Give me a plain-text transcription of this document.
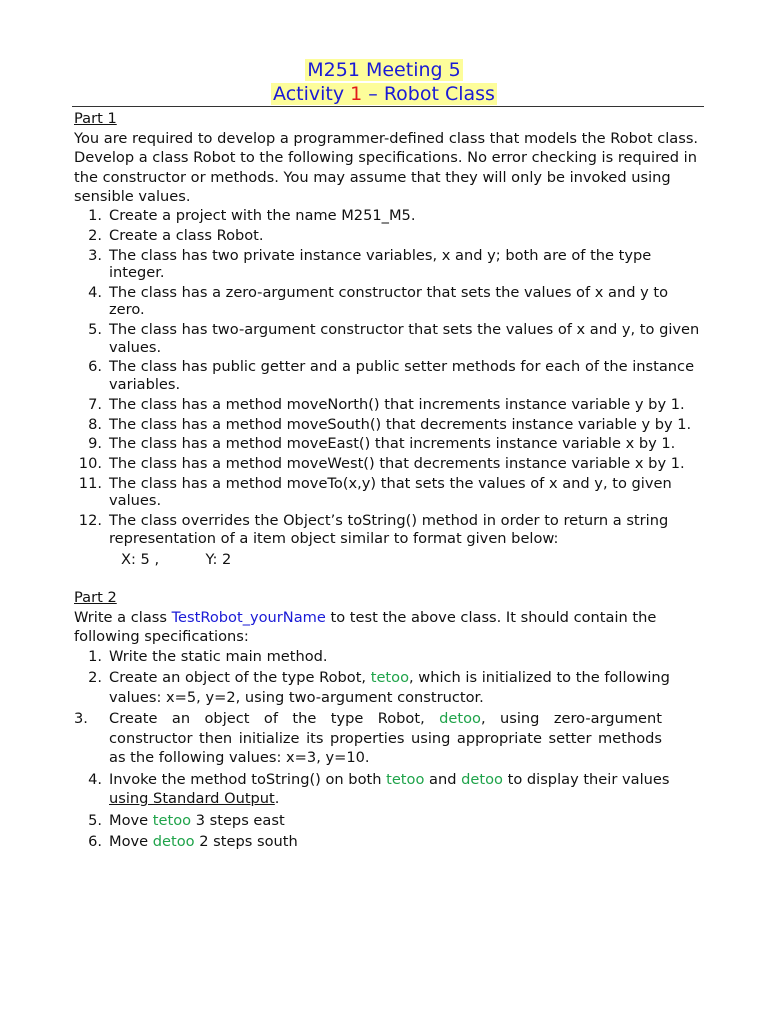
M251 Meeting 5
Activity 1 – Robot Class
Part 1

You are required to develop a programmer-defined class that models the Robot class. Develop a class Robot to the following specifications. No error checking is required in the constructor or methods. You may assume that they will only be invoked using sensible values.

1. Create a project with the name M251_M5.
2. Create a class Robot.
3. The class has two private instance variables, x and y; both are of the type integer.
4. The class has a zero-argument constructor that sets the values of x and y to zero.
5. The class has two-argument constructor that sets the values of x and y, to given values.
6. The class has public getter and a public setter methods for each of the instance variables.
7. The class has a method moveNorth() that increments instance variable y by 1.
8. The class has a method moveSouth() that decrements instance variable y by 1.
9. The class has a method moveEast() that increments instance variable x by 1.
10. The class has a method moveWest() that decrements instance variable x by 1.
11. The class has a method moveTo(x,y) that sets the values of x and y, to given values.
12. The class overrides the Object’s toString() method in order to return a string representation of a item object similar to format given below:
X: 5 ,          Y: 2
Part 2

Write a class TestRobot_yourName to test the above class. It should contain the following specifications:

1. Write the static main method.
2. Create an object of the type Robot, tetoo, which is initialized to the following values: x=5, y=2, using two-argument constructor.
3.	Create an object of the type Robot, detoo, using zero-argument constructor then initialize its properties using appropriate setter methods as the following values: x=3, y=10.
4. Invoke the method toString() on both tetoo and detoo to display their values using Standard Output.
5. Move tetoo 3 steps east
6. Move detoo 2 steps south
